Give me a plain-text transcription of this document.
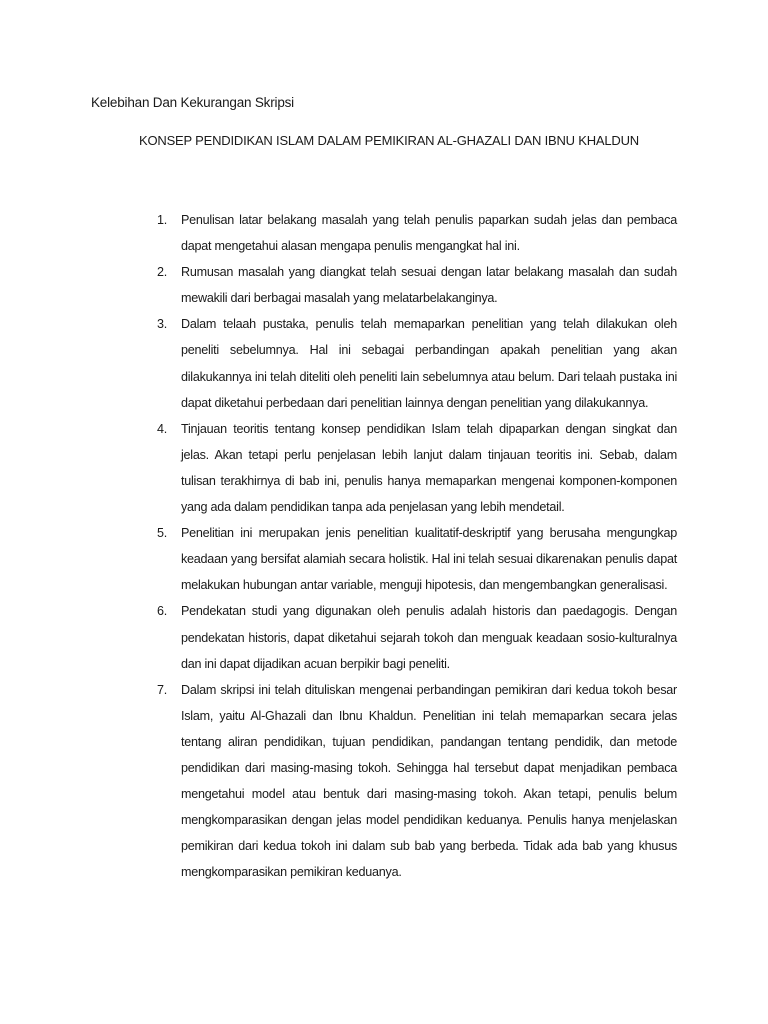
Kelebihan Dan Kekurangan Skripsi
KONSEP PENDIDIKAN ISLAM DALAM PEMIKIRAN AL-GHAZALI DAN IBNU KHALDUN
1.	Penulisan latar belakang masalah yang telah penulis paparkan sudah jelas dan pembaca dapat mengetahui alasan mengapa penulis mengangkat hal ini.
2.	Rumusan masalah yang diangkat telah sesuai dengan latar belakang masalah dan sudah mewakili dari berbagai masalah yang melatarbelakanginya.
3.	Dalam telaah pustaka, penulis telah memaparkan penelitian yang telah dilakukan oleh peneliti sebelumnya. Hal ini sebagai perbandingan apakah penelitian yang akan dilakukannya ini telah diteliti oleh peneliti lain sebelumnya atau belum. Dari telaah pustaka ini dapat diketahui perbedaan dari penelitian lainnya dengan penelitian yang dilakukannya.
4.	Tinjauan teoritis tentang konsep pendidikan Islam telah dipaparkan dengan singkat dan jelas. Akan tetapi perlu penjelasan lebih lanjut dalam tinjauan teoritis ini. Sebab, dalam tulisan terakhirnya di bab ini, penulis hanya memaparkan mengenai komponen-komponen yang ada dalam pendidikan tanpa ada penjelasan yang lebih mendetail.
5.	Penelitian ini merupakan jenis penelitian kualitatif-deskriptif yang berusaha mengungkap keadaan yang bersifat alamiah secara holistik. Hal ini telah sesuai dikarenakan penulis dapat melakukan hubungan antar variable, menguji hipotesis, dan mengembangkan generalisasi.
6.	Pendekatan studi yang digunakan oleh penulis adalah historis dan paedagogis. Dengan pendekatan historis, dapat diketahui sejarah tokoh dan menguak keadaan sosio-kulturalnya dan ini dapat dijadikan acuan berpikir bagi peneliti.
7.	Dalam skripsi ini telah dituliskan mengenai perbandingan pemikiran dari kedua tokoh besar Islam, yaitu Al-Ghazali dan Ibnu Khaldun. Penelitian ini telah memaparkan secara jelas tentang aliran pendidikan, tujuan pendidikan, pandangan tentang pendidik, dan metode pendidikan dari masing-masing tokoh. Sehingga hal tersebut dapat menjadikan pembaca mengetahui model atau bentuk dari masing-masing tokoh. Akan tetapi, penulis belum mengkomparasikan dengan jelas model pendidikan keduanya. Penulis hanya menjelaskan pemikiran dari kedua tokoh ini dalam sub bab yang berbeda. Tidak ada bab yang khusus mengkomparasikan pemikiran keduanya.
